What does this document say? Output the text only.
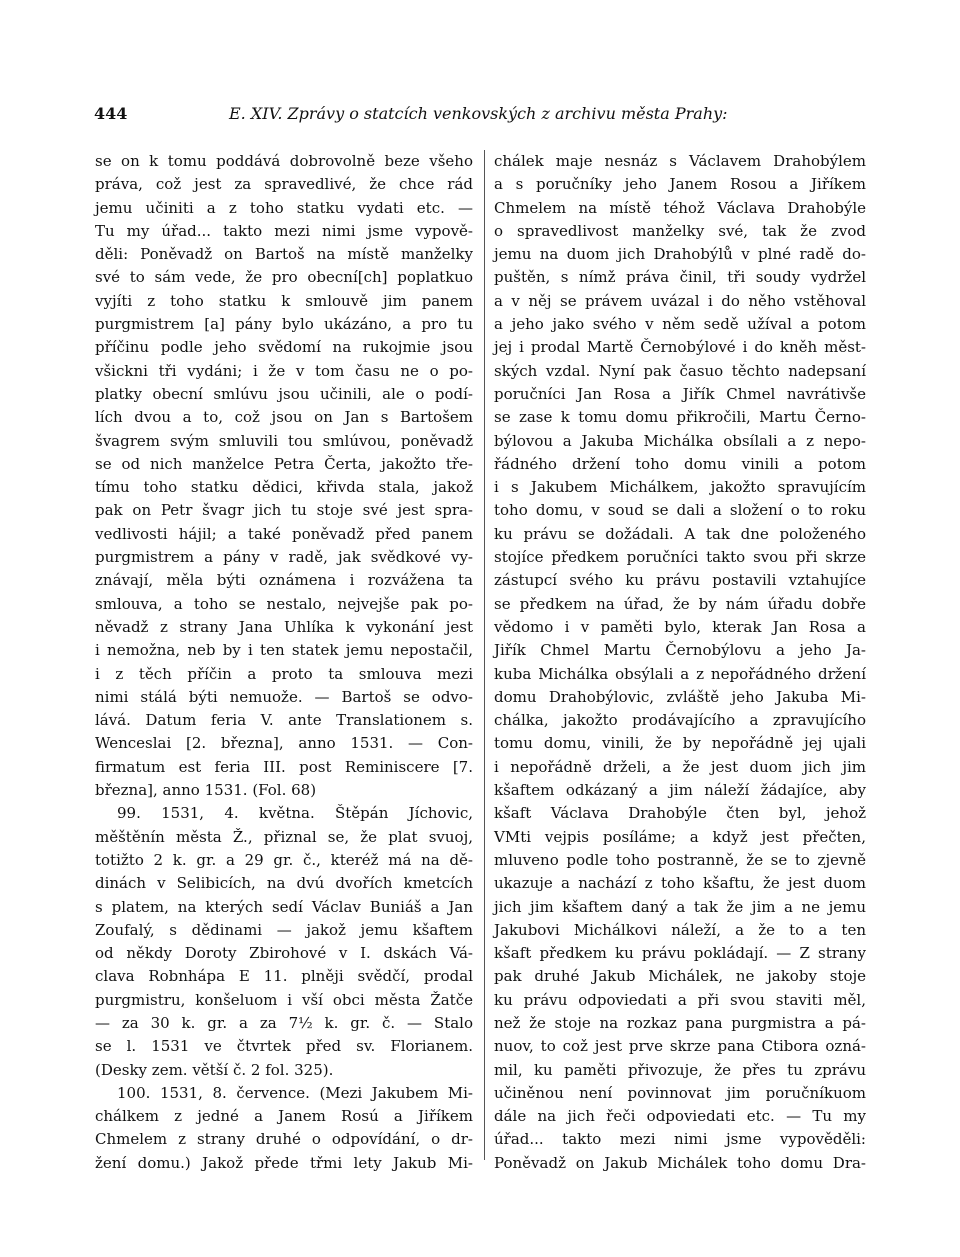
444	E. XIV. Zprávy o statcích venkovských z archivu města Prahy:
se on k tomu poddává dobrovolně beze všeho
práva, což jest za spravedlivé, že chce rád
jemu učiniti a z toho statku vydati etc. —
Tu my úřad... takto mezi nimi jsme vypově-
děli: Poněvadž on Bartoš na místě manželky
své to sám vede, že pro obecní[ch] poplatkuo
vyjíti z toho statku k smlouvě jim panem
purgmistrem [a] pány bylo ukázáno, a pro tu
příčinu podle jeho svědomí na rukojmie jsou
všickni tři vydáni; i že v tom času ne o po-
platky obecní smlúvu jsou učinili, ale o podí-
lích dvou a to, což jsou on Jan s Bartošem
švagrem svým smluvili tou smlúvou, poněvadž
se od nich manželce Petra Čerta, jakožto tře-
tímu toho statku dědici, křivda stala, jakož
pak on Petr švagr jich tu stoje své jest spra-
vedlivosti hájil; a také poněvadž před panem
purgmistrem a pány v radě, jak svědkové vy-
znávají, měla býti oznámena i rozvážena ta
smlouva, a toho se nestalo, nejvejše pak po-
něvadž z strany Jana Uhlíka k vykonání jest
i nemožna, neb by i ten statek jemu nepostačil,
i z těch příčin a proto ta smlouva mezi
nimi stálá býti nemuože. — Bartoš se odvo-
lává. Datum feria V. ante Translationem s.
Wenceslai [2. března], anno 1531. — Con-
firmatum est feria III. post Reminiscere [7.
března], anno 1531. (Fol. 68)
99. 1531, 4. května. Štěpán Jíchovic,
měštěnín města Ž., přiznal se, že plat svuoj,
totižto 2 k. gr. a 29 gr. č., kteréž má na dě-
dinách v Selibicích, na dvú dvořích kmetcích
s platem, na kterých sedí Václav Buniáš a Jan
Zoufalý, s dědinami — jakož jemu kšaftem
od někdy Doroty Zbirohové v I. dskách Vá-
clava Robnhápa E 11. plněji svědčí, prodal
purgmistru, konšeluom i vší obci města Žatče
— za 30 k. gr. a za 7½ k. gr. č. — Stalo
se l. 1531 ve čtvrtek před sv. Florianem.
(Desky zem. větší č. 2 fol. 325).
100. 1531, 8. července. (Mezi Jakubem Mi-
chálkem z jedné a Janem Rosú a Jiříkem
Chmelem z strany druhé o odpovídání, o dr-
žení domu.) Jakož přede třmi lety Jakub Mi-
chálek maje nesnáz s Václavem Drahobýlem
a s poručníky jeho Janem Rosou a Jiříkem
Chmelem na místě téhož Václava Drahobýle
o spravedlivost manželky své, tak že zvod
jemu na duom jich Drahobýlů v plné radě do-
puštěn, s nímž práva činil, tři soudy vydržel
a v něj se právem uvázal i do něho vstěhoval
a jeho jako svého v něm sedě užíval a potom
jej i prodal Martě Černobýlové i do kněh měst-
ských vzdal. Nyní pak časuo těchto nadepsaní
poručníci Jan Rosa a Jiřík Chmel navrátivše
se zase k tomu domu přikročili, Martu Černo-
býlovou a Jakuba Michálka obsílali a z nepo-
řádného držení toho domu vinili a potom
i s Jakubem Michálkem, jakožto spravujícím
toho domu, v soud se dali a složení o to roku
ku právu se dožádali. A tak dne položeného
stojíce předkem poručníci takto svou při skrze
zástupcí svého ku právu postavili vztahujíce
se předkem na úřad, že by nám úřadu dobře
vědomo i v paměti bylo, kterak Jan Rosa a
Jiřík Chmel Martu Černobýlovu a jeho Ja-
kuba Michálka obsýlali a z nepořádného držení
domu Drahobýlovic, zvláště jeho Jakuba Mi-
chálka, jakožto prodávajícího a zpravujícího
tomu domu, vinili, že by nepořádně jej ujali
i nepořádně drželi, a že jest duom jich jim
kšaftem odkázaný a jim náleží žádajíce, aby
kšaft Václava Drahobýle čten byl, jehož
VMti vejpis posíláme; a když jest přečten,
mluveno podle toho postranně, že se to zjevně
ukazuje a nachází z toho kšaftu, že jest duom
jich jim kšaftem daný a tak že jim a ne jemu
Jakubovi Michálkovi náleží, a že to a ten
kšaft předkem ku právu pokládají. — Z strany
pak druhé Jakub Michálek, ne jakoby stoje
ku právu odpoviedati a při svou staviti měl,
než že stoje na rozkaz pana purgmistra a pá-
nuov, to což jest prve skrze pana Ctibora ozná-
mil, ku paměti přivozuje, že přes tu zprávu
učiněnou není povinnovat jim poručníkuom
dále na jich řeči odpoviedati etc. — Tu my
úřad... takto mezi nimi jsme vypověděli:
Poněvadž on Jakub Michálek toho domu Dra-
